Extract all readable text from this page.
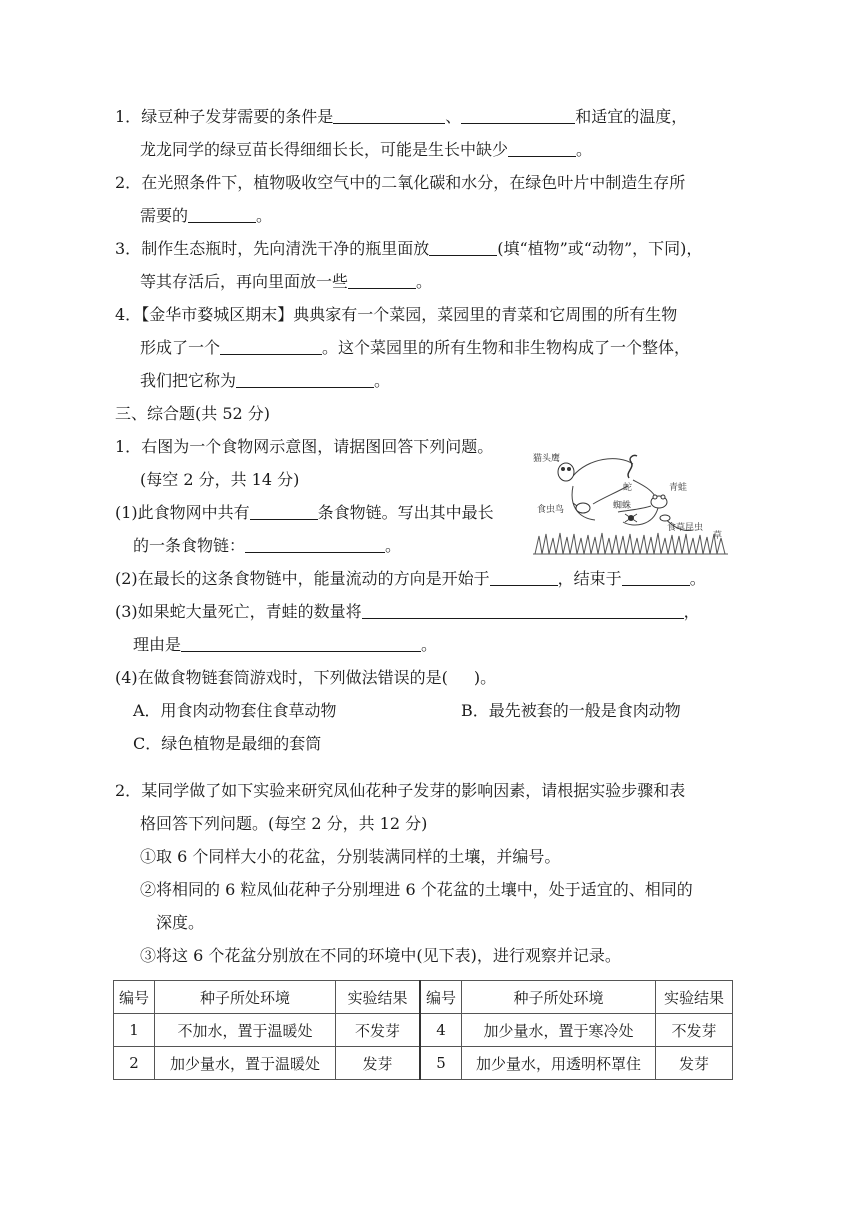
1．绿豆种子发芽需要的条件是	、	和适宜的温度，
龙龙同学的绿豆苗长得细细长长，可能是生长中缺少	。
2．在光照条件下，植物吸收空气中的二氧化碳和水分，在绿色叶片中制造生存所
需要的	。
3．制作生态瓶时，先向清洗干净的瓶里面放	(填“植物”或“动物”，下同)，
等其存活后，再向里面放一些	。
4．【金华市婺城区期末】典典家有一个菜园，菜园里的青菜和它周围的所有生物
形成了一个	。这个菜园里的所有生物和非生物构成了一个整体，
我们把它称为	。
三、综合题(共 52 分)
1．右图为一个食物网示意图，请据图回答下列问题。
(每空 2 分，共 14 分)
(1)此食物网中共有	条食物链。写出其中最长
的一条食物链：	。
(2)在最长的这条食物链中，能量流动的方向是开始于	，结束于	。
(3)如果蛇大量死亡，青蛙的数量将	，
理由是	。
(4)在做食物链套筒游戏时，下列做法错误的是( )。
A．用食肉动物套住食草动物	B．最先被套的一般是食肉动物
C．绿色植物是最细的套筒
猫头鹰
蛇	青蛙
食虫鸟	蜘蛛
食草昆虫
草
2．某同学做了如下实验来研究凤仙花种子发芽的影响因素，请根据实验步骤和表
格回答下列问题。(每空 2 分，共 12 分)
①取 6 个同样大小的花盆，分别装满同样的土壤，并编号。
②将相同的 6 粒凤仙花种子分别埋进 6 个花盆的土壤中，处于适宜的、相同的
深度。
③将这 6 个花盆分别放在不同的环境中(见下表)，进行观察并记录。
编号	种子所处环境	实验结果	编号	种子所处环境	实验结果
1	不加水，置于温暖处	不发芽	4	加少量水，置于寒冷处	不发芽
2	加少量水，置于温暖处	发芽	5	加少量水，用透明杯罩住	发芽
